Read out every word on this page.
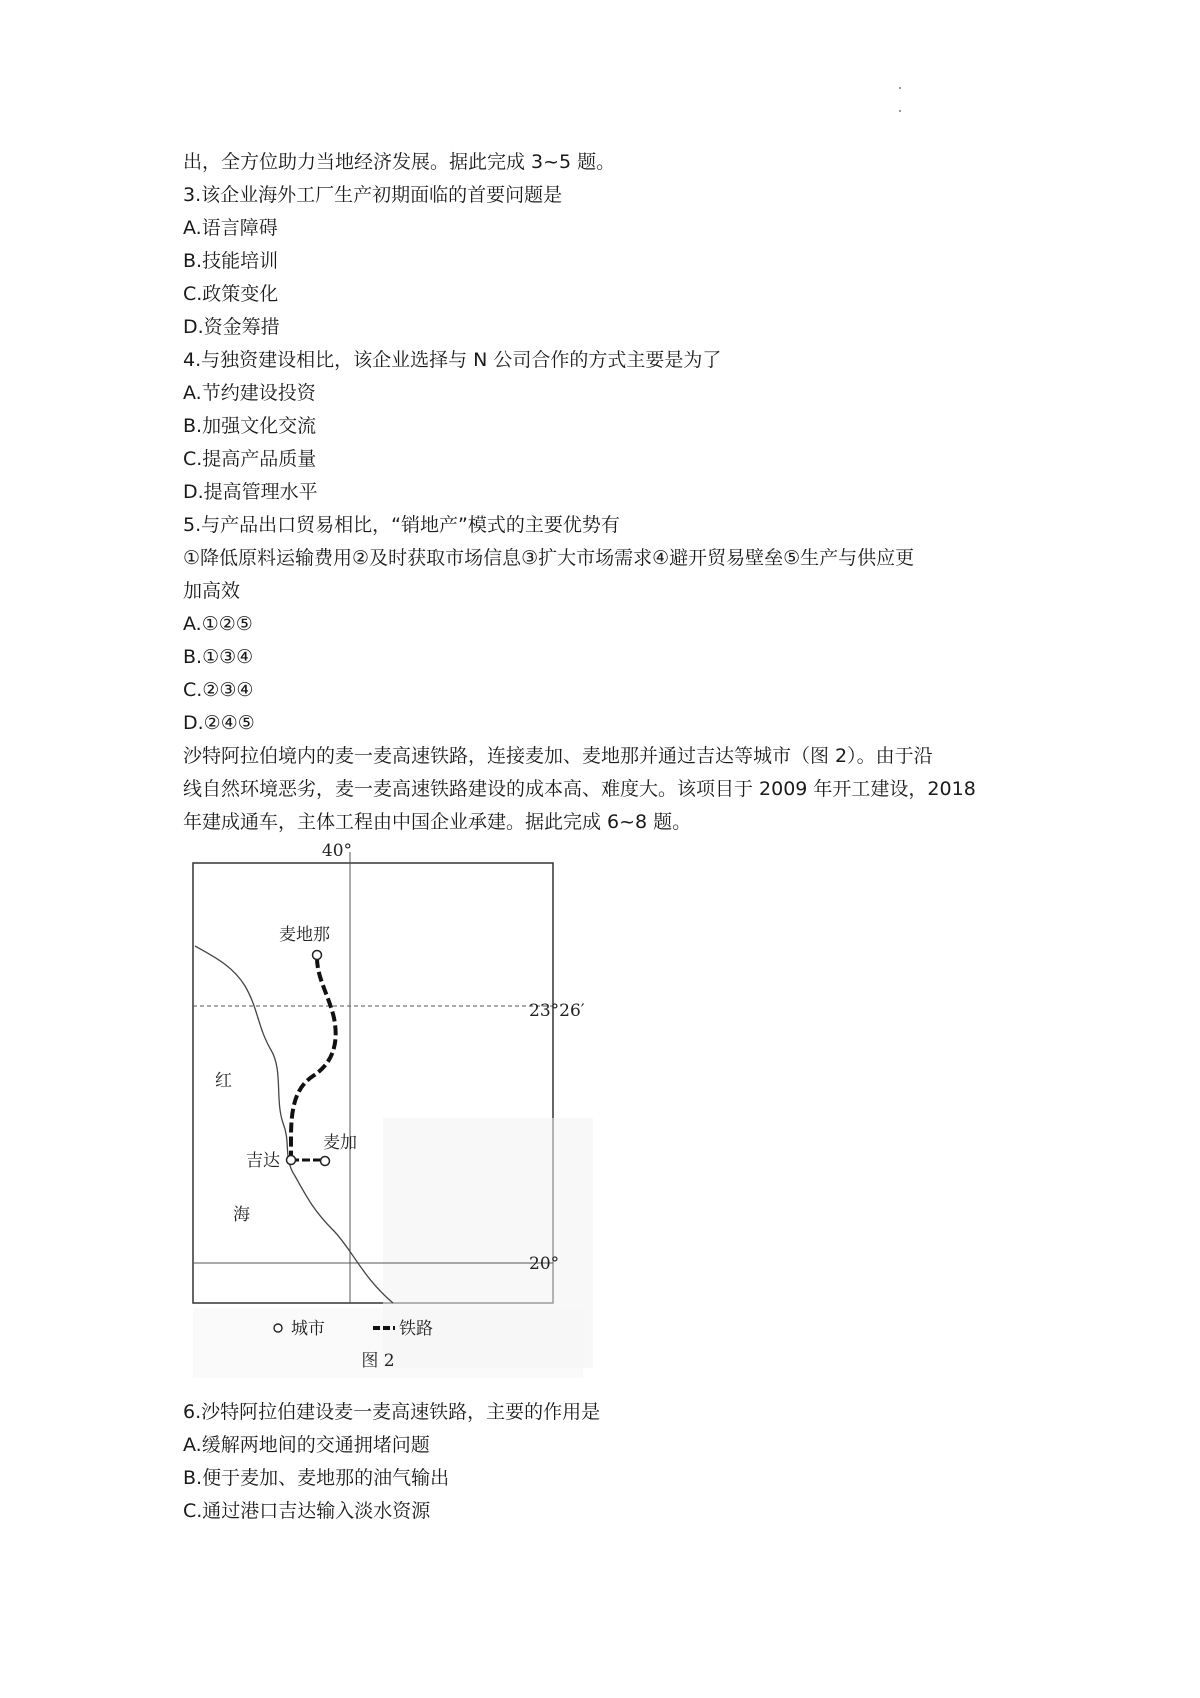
出，全方位助力当地经济发展。据此完成 3~5 题。
3.该企业海外工厂生产初期面临的首要问题是
A.语言障碍
B.技能培训
C.政策变化
D.资金筹措
4.与独资建设相比，该企业选择与 N 公司合作的方式主要是为了
A.节约建设投资
B.加强文化交流
C.提高产品质量
D.提高管理水平
5.与产品出口贸易相比，“销地产”模式的主要优势有
①降低原料运输费用②及时获取市场信息③扩大市场需求④避开贸易壁垒⑤生产与供应更
加高效
A.①②⑤
B.①③④
C.②③④
D.②④⑤
沙特阿拉伯境内的麦一麦高速铁路，连接麦加、麦地那并通过吉达等城市（图 2）。由于沿
线自然环境恶劣，麦一麦高速铁路建设的成本高、难度大。该项目于 2009 年开工建设，2018
年建成通车，主体工程由中国企业承建。据此完成 6~8 题。
40°
23°26′
20°
麦地那
麦加
吉达
红
海
城市	铁路
图 2
6.沙特阿拉伯建设麦一麦高速铁路，主要的作用是
A.缓解两地间的交通拥堵问题
B.便于麦加、麦地那的油气输出
C.通过港口吉达输入淡水资源
